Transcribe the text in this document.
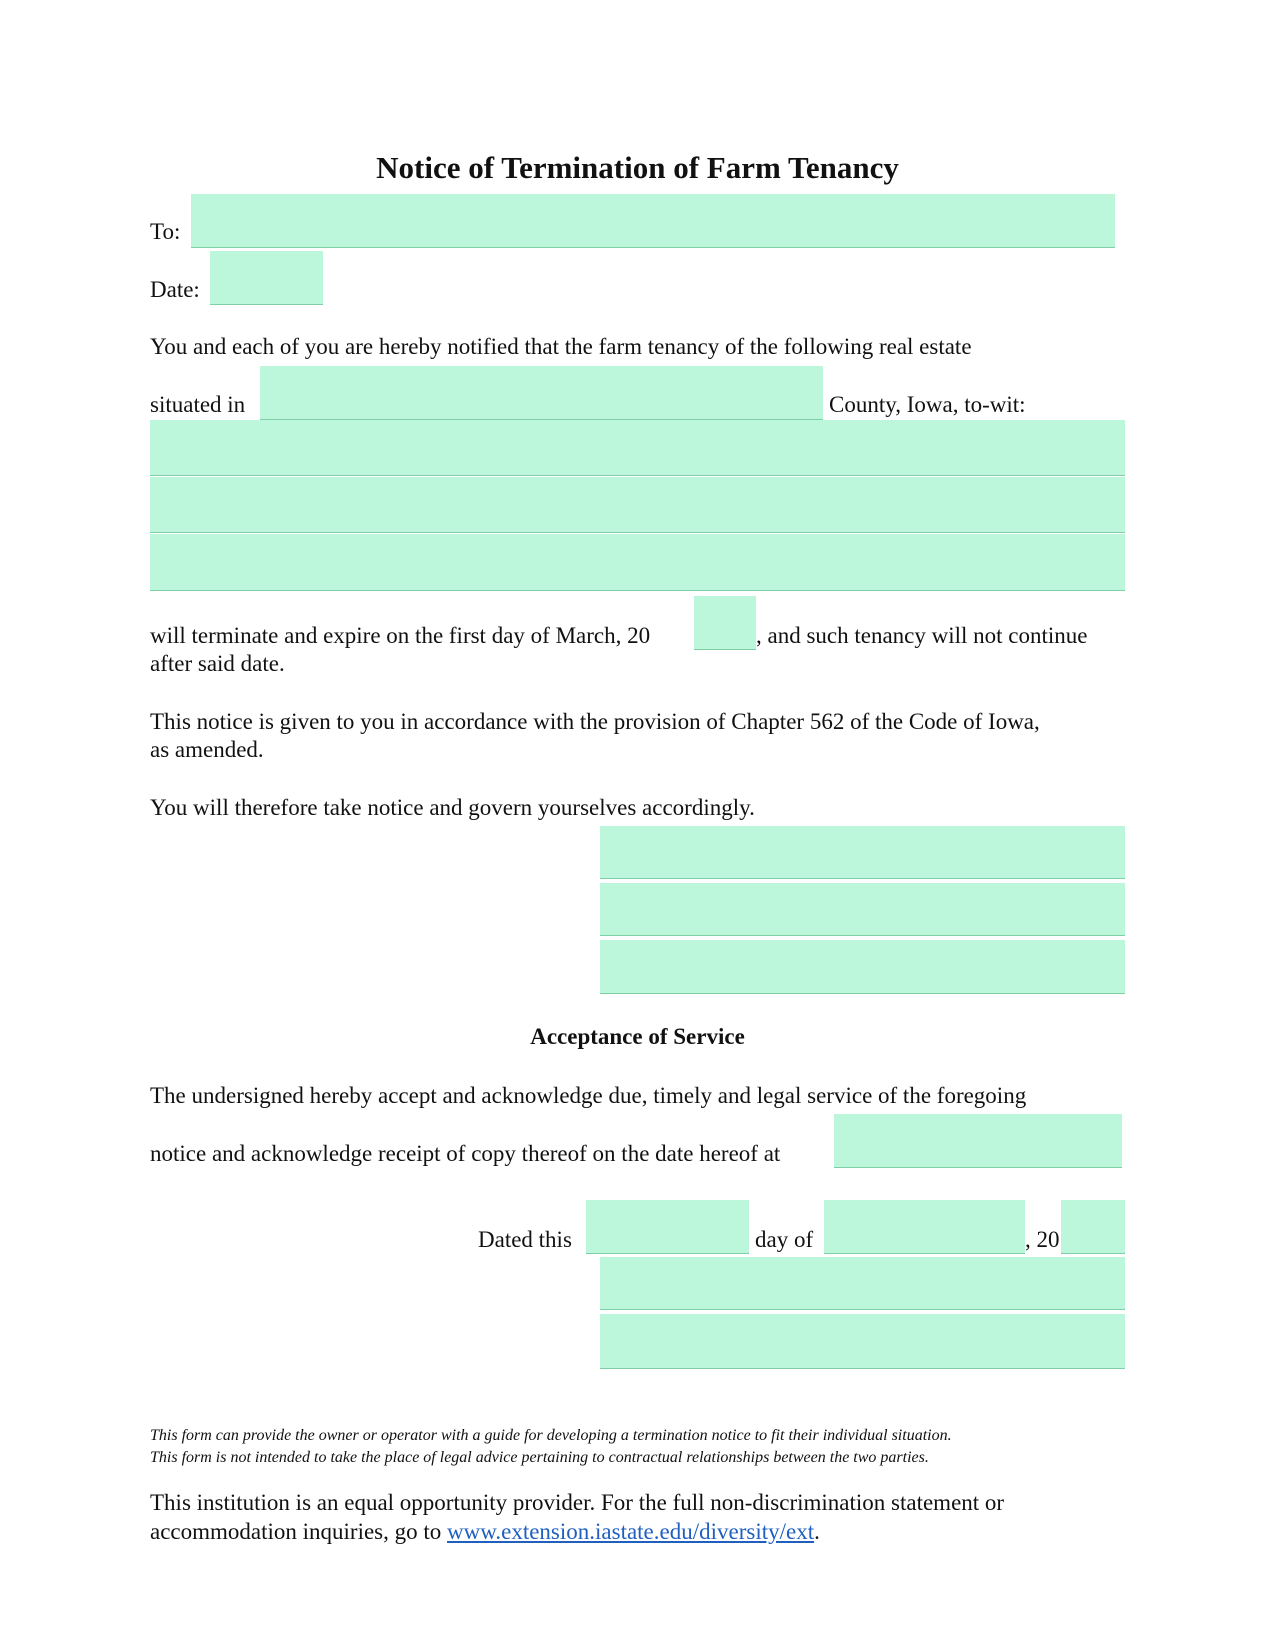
Notice of Termination of Farm Tenancy
To:
Date:
You and each of you are hereby notified that the farm tenancy of the following real estate
situated in	County, Iowa, to-wit:
will terminate and expire on the first day of March, 20	, and such tenancy will not continue
after said date.
This notice is given to you in accordance with the provision of Chapter 562 of the Code of Iowa,
as amended.
You will therefore take notice and govern yourselves accordingly.
Acceptance of Service
The undersigned hereby accept and acknowledge due, timely and legal service of the foregoing
notice and acknowledge receipt of copy thereof on the date hereof at
Dated this	day of	, 20
This form can provide the owner or operator with a guide for developing a termination notice to fit their individual situation.
This form is not intended to take the place of legal advice pertaining to contractual relationships between the two parties.
This institution is an equal opportunity provider. For the full non-discrimination statement or
accommodation inquiries, go to www.extension.iastate.edu/diversity/ext.
